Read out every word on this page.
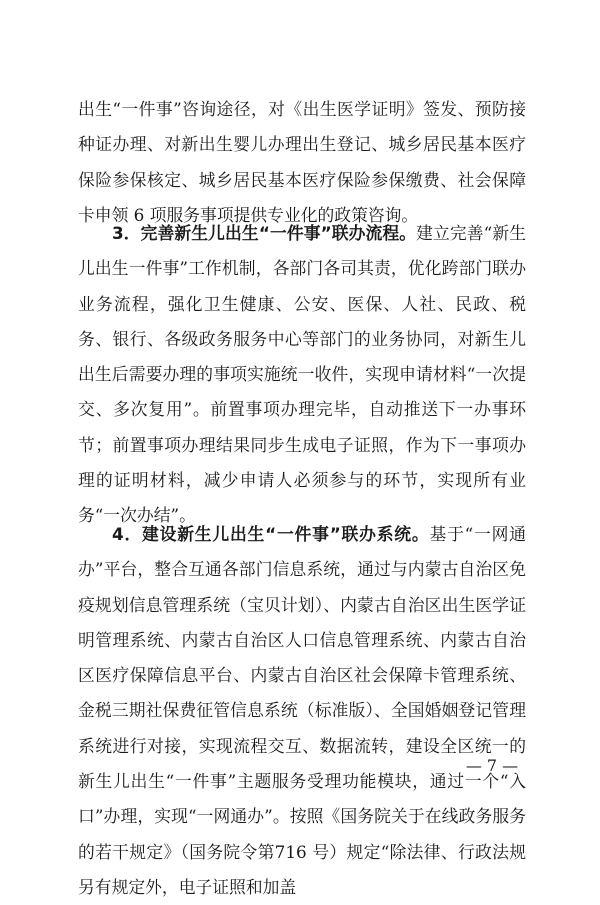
出生“一件事”咨询途径，对《出生医学证明》签发、预防接种证办理、对新出生婴儿办理出生登记、城乡居民基本医疗保险参保核定、城乡居民基本医疗保险参保缴费、社会保障卡申领 6 项服务事项提供专业化的政策咨询。

3．完善新生儿出生“一件事”联办流程。建立完善“新生儿出生一件事”工作机制，各部门各司其责，优化跨部门联办业务流程，强化卫生健康、公安、医保、人社、民政、税务、银行、各级政务服务中心等部门的业务协同，对新生儿出生后需要办理的事项实施统一收件，实现申请材料“一次提交、多次复用”。前置事项办理完毕，自动推送下一办事环节；前置事项办理结果同步生成电子证照，作为下一事项办理的证明材料，减少申请人必须参与的环节，实现所有业务“一次办结”。

4．建设新生儿出生“一件事”联办系统。基于“一网通办”平台，整合互通各部门信息系统，通过与内蒙古自治区免疫规划信息管理系统（宝贝计划）、内蒙古自治区出生医学证明管理系统、内蒙古自治区人口信息管理系统、内蒙古自治区医疗保障信息平台、内蒙古自治区社会保障卡管理系统、金税三期社保费征管信息系统（标准版）、全国婚姻登记管理系统进行对接，实现流程交互、数据流转，建设全区统一的新生儿出生“一件事”主题服务受理功能模块，通过一个“入口”办理，实现“一网通办”。按照《国务院关于在线政务服务的若干规定》（国务院令第716 号）规定“除法律、行政法规另有规定外，电子证照和加盖

— 7 —
